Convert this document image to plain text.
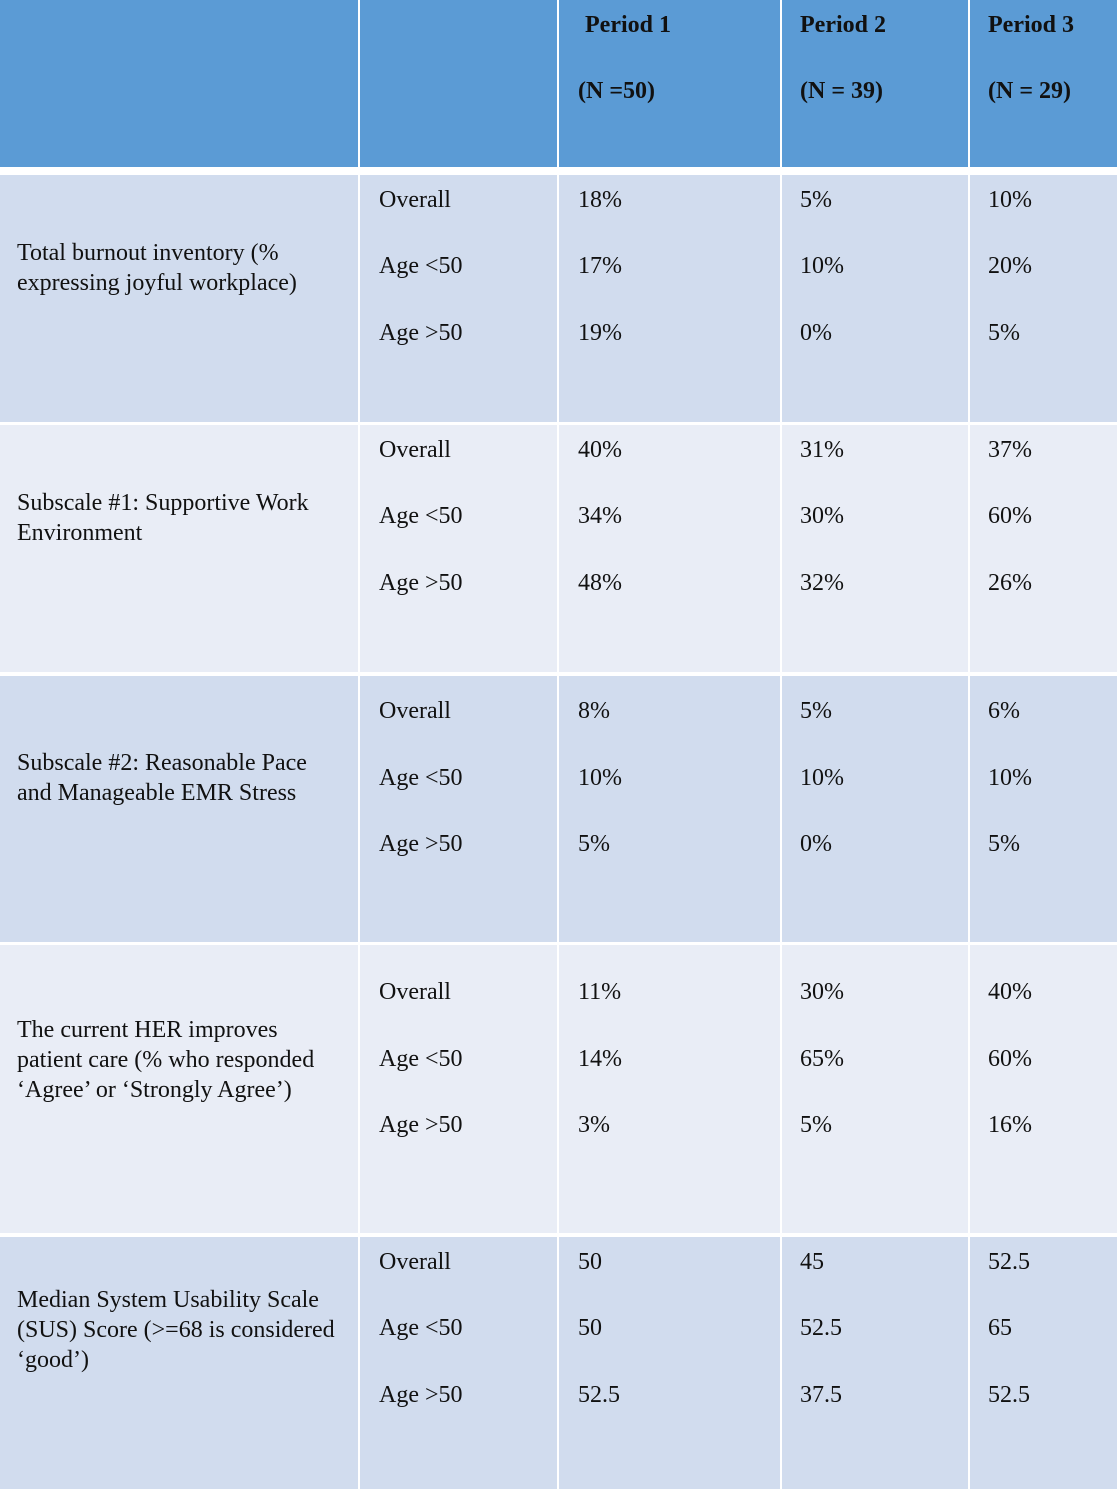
Period 1
(N =50)
Period 2
(N = 39)
Period 3
(N = 29)
Total burnout inventory (% expressing joyful workplace)
Overall
Age <50
Age >50
18%
17%
19%
5%
10%
0%
10%
20%
5%
Subscale #1: Supportive Work Environment
Overall
Age <50
Age >50
40%
34%
48%
31%
30%
32%
37%
60%
26%
Subscale #2: Reasonable Pace and Manageable EMR Stress
Overall
Age <50
Age >50
8%
10%
5%
5%
10%
0%
6%
10%
5%
The current HER improves patient care (% who responded ‘Agree’ or ‘Strongly Agree’)
Overall
Age <50
Age >50
11%
14%
3%
30%
65%
5%
40%
60%
16%
Median System Usability Scale (SUS) Score (>=68 is considered ‘good’)
Overall
Age <50
Age >50
50
50
52.5
45
52.5
37.5
52.5
65
52.5
